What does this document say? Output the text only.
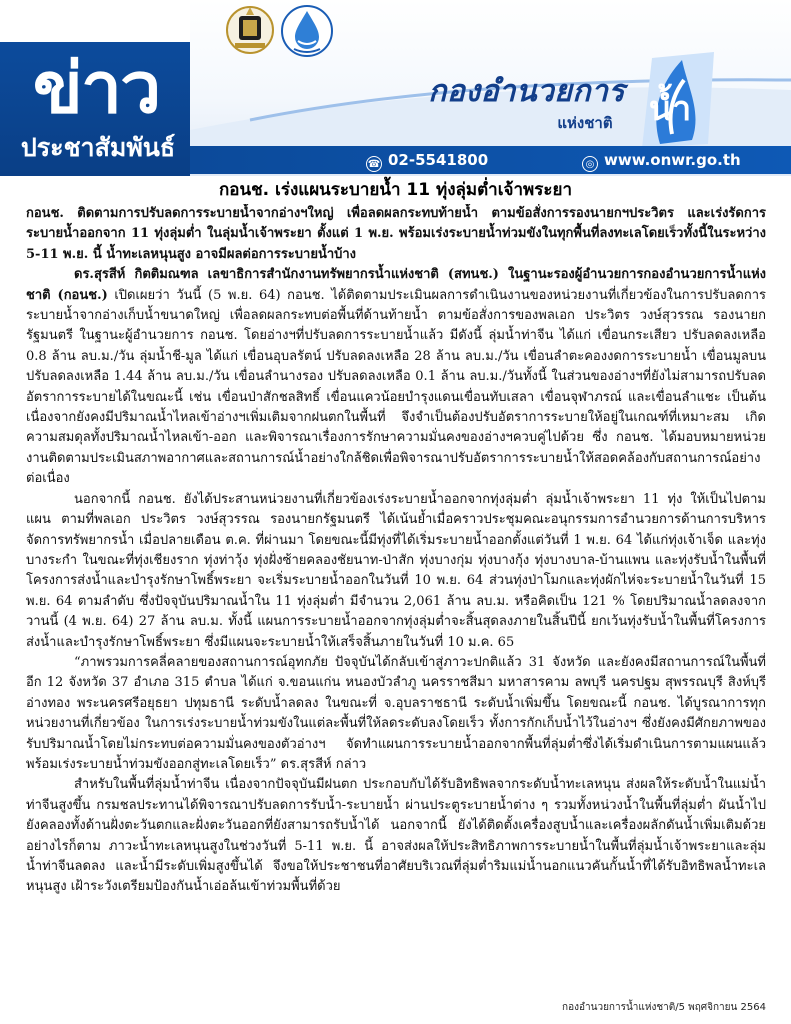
ข่าว
ประชาสัมพันธ์
กองอำนวยการ
แห่งชาติ	น้ำ
☎ 02-5541800	◎ www.onwr.go.th
กอนช. เร่งแผนระบายน้ำ 11 ทุ่งลุ่มต่ำเจ้าพระยา

กอนช. ติดตามการปรับลดการระบายน้ำจากอ่างฯใหญ่ เพื่อลดผลกระทบท้ายน้ำ ตามข้อสั่งการรองนายกฯประวิตร และเร่งรัดการระบายน้ำออกจาก 11 ทุ่งลุ่มต่ำ ในลุ่มน้ำเจ้าพระยา ตั้งแต่ 1 พ.ย. พร้อมเร่งระบายน้ำท่วมขังในทุกพื้นที่ลงทะเลโดยเร็วทั้งนี้ในระหว่าง 5-11 พ.ย. นี้ น้ำทะเลหนุนสูง อาจมีผลต่อการระบายน้ำบ้าง

ดร.สุรสีห์ กิตติมณฑล เลขาธิการสำนักงานทรัพยากรน้ำแห่งชาติ (สทนช.) ในฐานะรองผู้อำนวยการกองอำนวยการน้ำแห่งชาติ (กอนช.) เปิดเผยว่า วันนี้ (5 พ.ย. 64) กอนช. ได้ติดตามประเมินผลการดำเนินงานของหน่วยงานที่เกี่ยวข้องในการปรับลดการระบายน้ำจากอ่างเก็บน้ำขนาดใหญ่ เพื่อลดผลกระทบต่อพื้นที่ด้านท้ายน้ำ ตามข้อสั่งการของพลเอก ประวิตร วงษ์สุวรรณ รองนายกรัฐมนตรี ในฐานะผู้อำนวยการ กอนช. โดยอ่างฯที่ปรับลดการระบายน้ำแล้ว มีดังนี้ ลุ่มน้ำท่าจีน ได้แก่ เขื่อนกระเสียว ปรับลดลงเหลือ 0.8 ล้าน ลบ.ม./วัน ลุ่มน้ำชี-มูล ได้แก่ เขื่อนอุบลรัตน์ ปรับลดลงเหลือ 28 ล้าน ลบ.ม./วัน เขื่อนลำตะคองงดการระบายน้ำ เขื่อนมูลบน ปรับลดลงเหลือ 1.44 ล้าน ลบ.ม./วัน เขื่อนลำนางรอง ปรับลดลงเหลือ 0.1 ล้าน ลบ.ม./วันทั้งนี้ ในส่วนของอ่างฯที่ยังไม่สามารถปรับลดอัตราการระบายได้ในขณะนี้ เช่น เขื่อนป่าสักชลสิทธิ์ เขื่อนแควน้อยบำรุงแดนเขื่อนทับเสลา เขื่อนจุฬาภรณ์ และเขื่อนลำแชะ เป็นต้น เนื่องจากยังคงมีปริมาณน้ำไหลเข้าอ่างฯเพิ่มเติมจากฝนตกในพื้นที่ จึงจำเป็นต้องปรับอัตราการระบายให้อยู่ในเกณฑ์ที่เหมาะสม เกิดความสมดุลทั้งปริมาณน้ำไหลเข้า-ออก และพิจารณาเรื่องการรักษาความมั่นคงของอ่างฯควบคู่ไปด้วย ซึ่ง กอนช. ได้มอบหมายหน่วยงานติดตามประเมินสภาพอากาศและสถานการณ์น้ำอย่างใกล้ชิดเพื่อพิจารณาปรับอัตราการระบายน้ำให้สอดคล้องกับสถานการณ์อย่างต่อเนื่อง

นอกจากนี้ กอนช. ยังได้ประสานหน่วยงานที่เกี่ยวข้องเร่งระบายน้ำออกจากทุ่งลุ่มต่ำ ลุ่มน้ำเจ้าพระยา 11 ทุ่ง ให้เป็นไปตามแผน ตามที่พลเอก ประวิตร วงษ์สุวรรณ รองนายกรัฐมนตรี ได้เน้นย้ำเมื่อคราวประชุมคณะอนุกรรมการอำนวยการด้านการบริหารจัดการทรัพยากรน้ำ เมื่อปลายเดือน ต.ค. ที่ผ่านมา โดยขณะนี้มีทุ่งที่ได้เริ่มระบายน้ำออกตั้งแต่วันที่ 1 พ.ย. 64 ได้แก่ทุ่งเจ้าเจ็ด และทุ่งบางระกำ ในขณะที่ทุ่งเชียงราก ทุ่งท่าวุ้ง ทุ่งฝั่งซ้ายคลองชัยนาท-ป่าสัก ทุ่งบางกุ่ม ทุ่งบางกุ้ง ทุ่งบางบาล-บ้านแพน และทุ่งรับน้ำในพื้นที่โครงการส่งน้ำและบำรุงรักษาโพธิ์พระยา จะเริ่มระบายน้ำออกในวันที่ 10 พ.ย. 64 ส่วนทุ่งป่าโมกและทุ่งผักไห่จะระบายน้ำในวันที่ 15 พ.ย. 64 ตามลำดับ ซึ่งปัจจุบันปริมาณน้ำใน 11 ทุ่งลุ่มต่ำ มีจำนวน 2,061 ล้าน ลบ.ม. หรือคิดเป็น 121 % โดยปริมาณน้ำลดลงจากวานนี้ (4 พ.ย. 64) 27 ล้าน ลบ.ม. ทั้งนี้ แผนการระบายน้ำออกจากทุ่งลุ่มต่ำจะสิ้นสุดลงภายในสิ้นปีนี้ ยกเว้นทุ่งรับน้ำในพื้นที่โครงการส่งน้ำและบำรุงรักษาโพธิ์พระยา ซึ่งมีแผนจะระบายน้ำให้เสร็จสิ้นภายในวันที่ 10 ม.ค. 65

“ภาพรวมการคลี่คลายของสถานการณ์อุทกภัย ปัจจุบันได้กลับเข้าสู่ภาวะปกติแล้ว 31 จังหวัด และยังคงมีสถานการณ์ในพื้นที่อีก 12 จังหวัด 37 อำเภอ 315 ตำบล ได้แก่ จ.ขอนแก่น หนองบัวลำภู นครราชสีมา มหาสารคาม ลพบุรี นครปฐม สุพรรณบุรี สิงห์บุรี อ่างทอง พระนครศรีอยุธยา ปทุมธานี ระดับน้ำลดลง ในขณะที่ จ.อุบลราชธานี ระดับน้ำเพิ่มขึ้น โดยขณะนี้ กอนช. ได้บูรณาการทุกหน่วยงานที่เกี่ยวข้อง ในการเร่งระบายน้ำท่วมขังในแต่ละพื้นที่ให้ลดระดับลงโดยเร็ว ทั้งการกักเก็บน้ำไว้ในอ่างฯ ซึ่งยังคงมีศักยภาพของรับปริมาณน้ำโดยไม่กระทบต่อความมั่นคงของตัวอ่างฯ จัดทำแผนการระบายน้ำออกจากพื้นที่ลุ่มต่ำซึ่งได้เริ่มดำเนินการตามแผนแล้ว พร้อมเร่งระบายน้ำท่วมขังออกสู่ทะเลโดยเร็ว” ดร.สุรสีห์ กล่าว

สำหรับในพื้นที่ลุ่มน้ำท่าจีน เนื่องจากปัจจุบันมีฝนตก ประกอบกับได้รับอิทธิพลจากระดับน้ำทะเลหนุน ส่งผลให้ระดับน้ำในแม่น้ำท่าจีนสูงขึ้น กรมชลประทานได้พิจารณาปรับลดการรับน้ำ-ระบายน้ำ ผ่านประตูระบายน้ำต่าง ๆ รวมทั้งหน่วงน้ำในพื้นที่ลุ่มต่ำ ผันน้ำไปยังคลองทั้งด้านฝั่งตะวันตกและฝั่งตะวันออกที่ยังสามารถรับน้ำได้ นอกจากนี้ ยังได้ติดตั้งเครื่องสูบน้ำและเครื่องผลักดันน้ำเพิ่มเติมด้วย อย่างไรก็ตาม ภาวะน้ำทะเลหนุนสูงในช่วงวันที่ 5-11 พ.ย. นี้ อาจส่งผลให้ประสิทธิภาพการระบายน้ำในพื้นที่ลุ่มน้ำเจ้าพระยาและลุ่มน้ำท่าจีนลดลง และน้ำมีระดับเพิ่มสูงขึ้นได้ จึงขอให้ประชาชนที่อาศัยบริเวณที่ลุ่มต่ำริมแม่น้ำนอกแนวคันกั้นน้ำที่ได้รับอิทธิพลน้ำทะเลหนุนสูง เฝ้าระวังเตรียมป้องกันน้ำเอ่อล้นเข้าท่วมพื้นที่ด้วย

กองอำนวยการน้ำแห่งชาติ/5 พฤศจิกายน 2564
